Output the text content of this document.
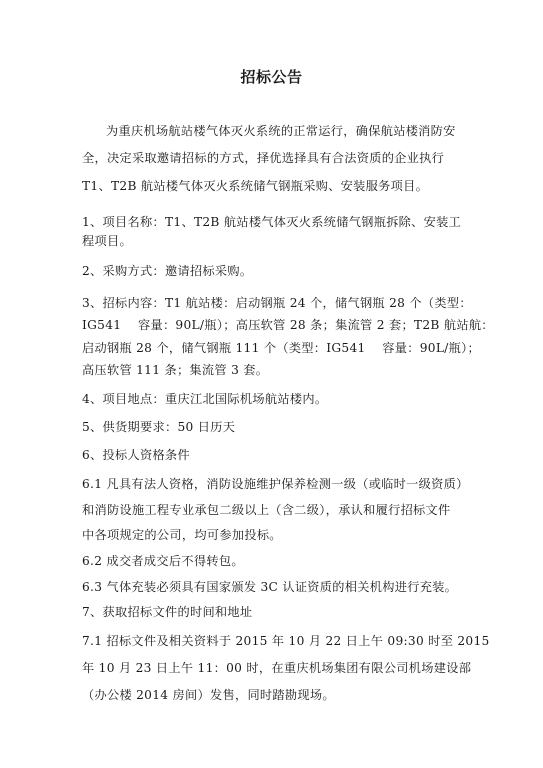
招标公告
为重庆机场航站楼气体灭火系统的正常运行，确保航站楼消防安
全，决定采取邀请招标的方式，择优选择具有合法资质的企业执行
T1、T2B 航站楼气体灭火系统储气钢瓶采购、安装服务项目。
1、项目名称：T1、T2B 航站楼气体灭火系统储气钢瓶拆除、安装工
程项目。
2、采购方式：邀请招标采购。
3、招标内容：T1 航站楼：启动钢瓶 24 个，储气钢瓶 28 个（类型：
IG541　 容量：90L/瓶）；高压软管 28 条；集流管 2 套；T2B 航站航：
启动钢瓶 28 个，储气钢瓶 111 个（类型：IG541　 容量：90L/瓶）；
高压软管 111 条；集流管 3 套。
4、项目地点：重庆江北国际机场航站楼内。
5、供货期要求：50 日历天
6、投标人资格条件
6.1 凡具有法人资格，消防设施维护保养检测一级（或临时一级资质）
和消防设施工程专业承包二级以上（含二级），承认和履行招标文件
中各项规定的公司，均可参加投标。
6.2 成交者成交后不得转包。
6.3 气体充装必须具有国家颁发 3C 认证资质的相关机构进行充装。
7、获取招标文件的时间和地址
7.1 招标文件及相关资料于 2015 年 10 月 22 日上午 09:30 时至 2015
年 10 月 23 日上午 11：00 时，在重庆机场集团有限公司机场建设部
（办公楼 2014 房间）发售，同时踏勘现场。
